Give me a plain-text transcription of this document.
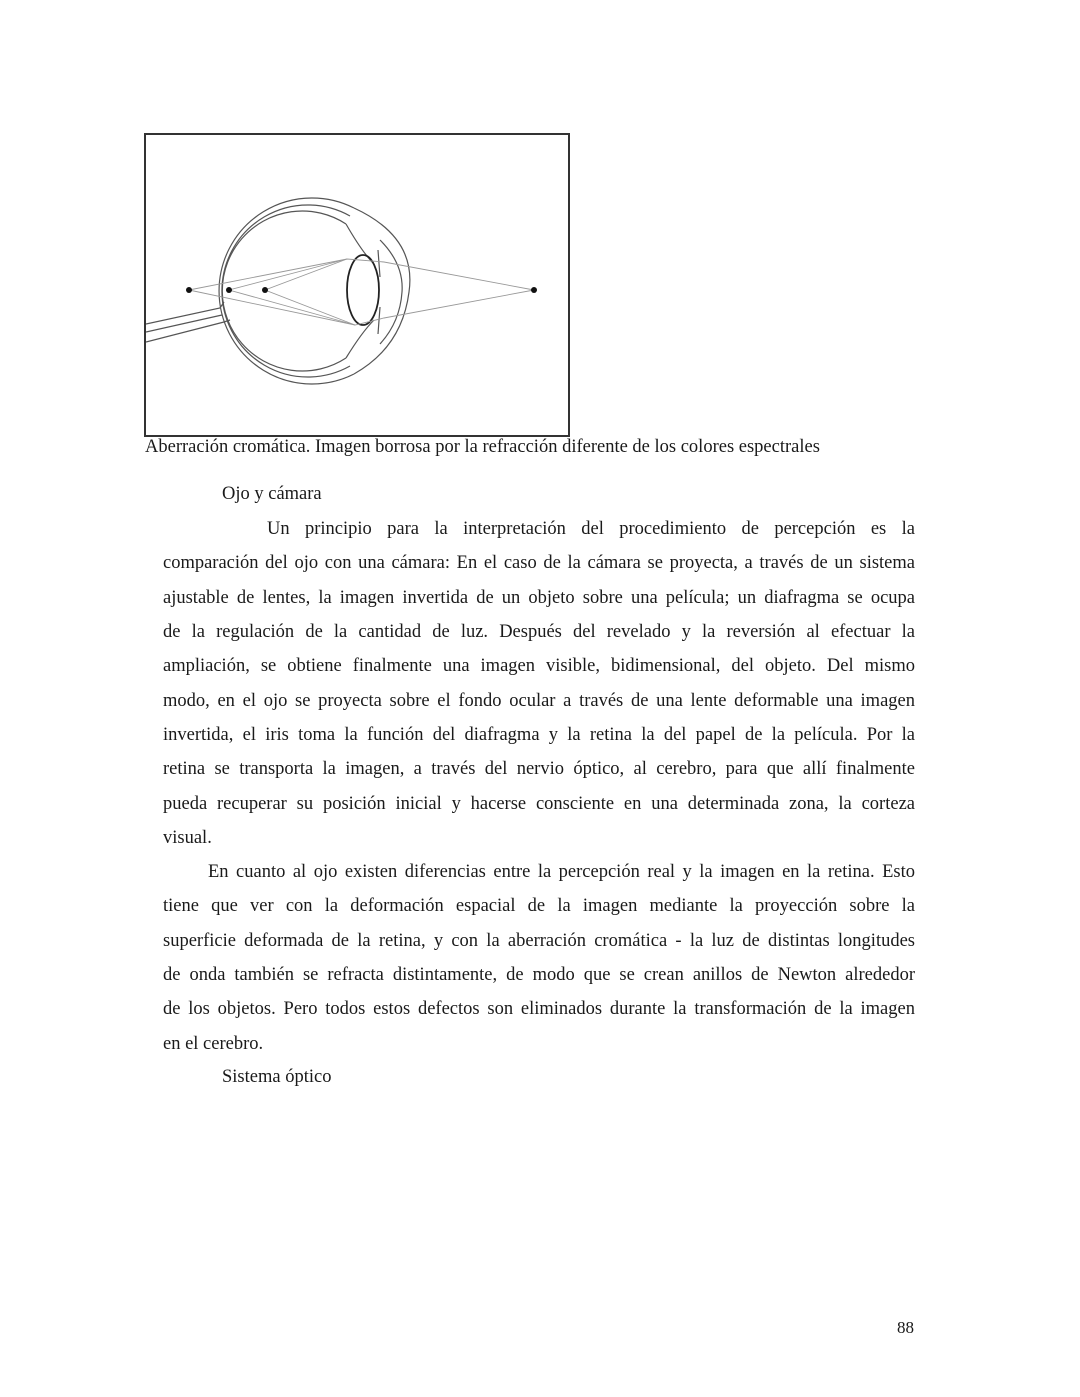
Aberración cromática. Imagen borrosa por la refracción diferente de los colores espectrales
Ojo y cámara
Un principio para la interpretación del procedimiento de percepción es la
comparación del ojo con una cámara: En el caso de la cámara se proyecta, a través de un sistema
ajustable de lentes, la imagen invertida de un objeto sobre una película; un diafragma se ocupa
de la regulación de la cantidad de luz. Después del revelado y la reversión al efectuar la
ampliación, se obtiene finalmente una imagen visible, bidimensional, del objeto. Del mismo
modo, en el ojo se proyecta sobre el fondo ocular a través de una lente deformable una imagen
invertida, el iris toma la función del diafragma y la retina la del papel de la película. Por la
retina se transporta la imagen, a través del nervio óptico, al cerebro, para que allí finalmente
pueda recuperar su posición inicial y hacerse consciente en una determinada zona, la corteza
visual.
En cuanto al ojo existen diferencias entre la percepción real y la imagen en la retina. Esto
tiene que ver con la deformación espacial de la imagen mediante la proyección sobre la
superficie deformada de la retina, y con la aberración cromática - la luz de distintas longitudes
de onda también se refracta distintamente, de modo que se crean anillos de Newton alrededor
de los objetos. Pero todos estos defectos son eliminados durante la transformación de la imagen
en el cerebro.
Sistema óptico
88
